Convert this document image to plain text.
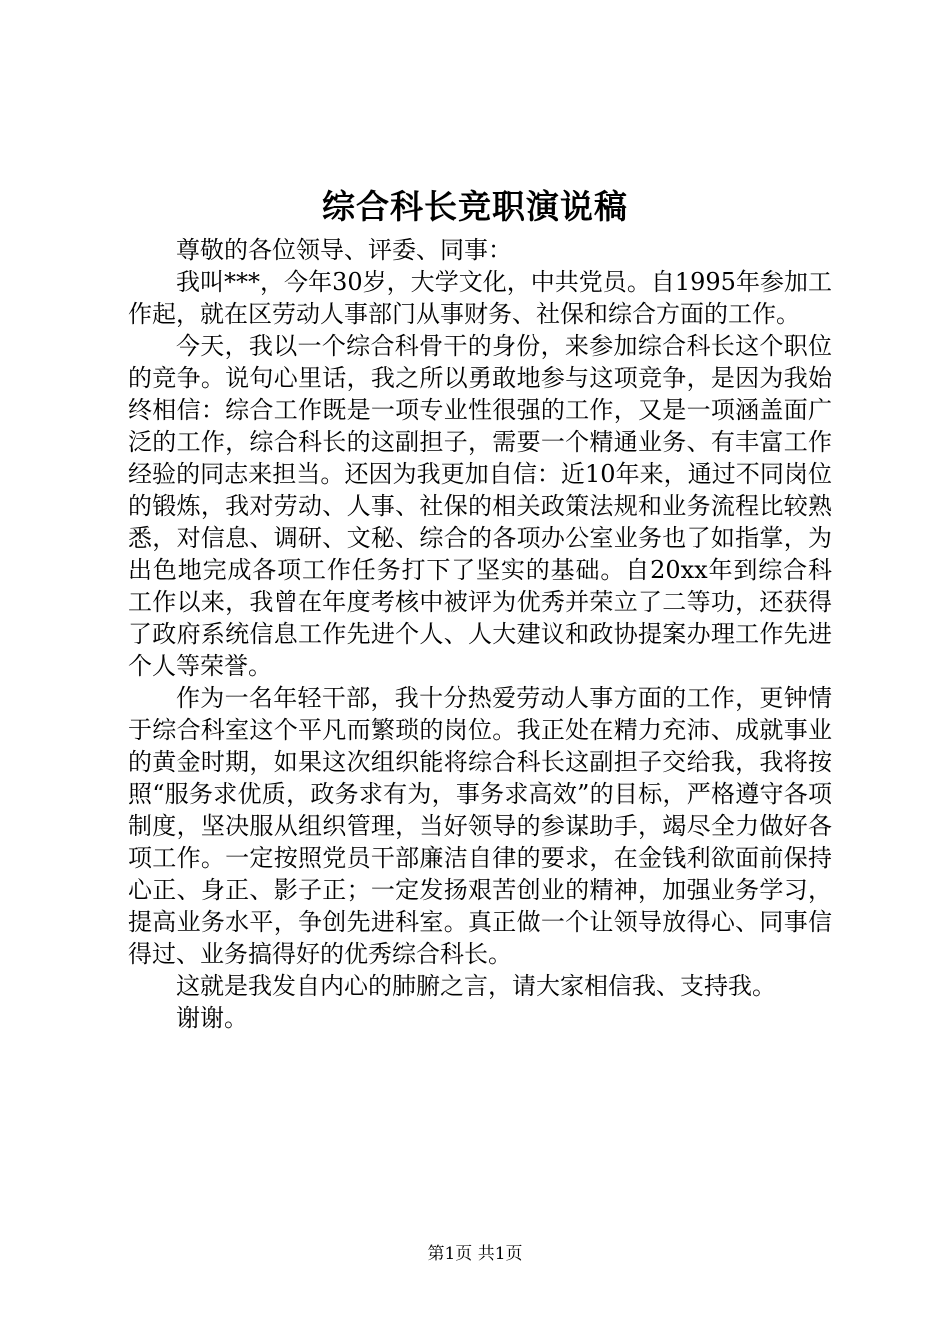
综合科长竞职演说稿

尊敬的各位领导、评委、同事：

我叫***，今年30岁，大学文化，中共党员。自1995年参加工作起，就在区劳动人事部门从事财务、社保和综合方面的工作。

今天，我以一个综合科骨干的身份，来参加综合科长这个职位的竞争。说句心里话，我之所以勇敢地参与这项竞争，是因为我始终相信：综合工作既是一项专业性很强的工作，又是一项涵盖面广泛的工作，综合科长的这副担子，需要一个精通业务、有丰富工作经验的同志来担当。还因为我更加自信：近10年来，通过不同岗位的锻炼，我对劳动、人事、社保的相关政策法规和业务流程比较熟悉，对信息、调研、文秘、综合的各项办公室业务也了如指掌，为出色地完成各项工作任务打下了坚实的基础。自20xx年到综合科工作以来，我曾在年度考核中被评为优秀并荣立了二等功，还获得了政府系统信息工作先进个人、人大建议和政协提案办理工作先进个人等荣誉。

作为一名年轻干部，我十分热爱劳动人事方面的工作，更钟情于综合科室这个平凡而繁琐的岗位。我正处在精力充沛、成就事业的黄金时期，如果这次组织能将综合科长这副担子交给我，我将按照“服务求优质，政务求有为，事务求高效”的目标，严格遵守各项制度，坚决服从组织管理，当好领导的参谋助手，竭尽全力做好各项工作。一定按照党员干部廉洁自律的要求，在金钱利欲面前保持心正、身正、影子正；一定发扬艰苦创业的精神，加强业务学习，提高业务水平，争创先进科室。真正做一个让领导放得心、同事信得过、业务搞得好的优秀综合科长。

这就是我发自内心的肺腑之言，请大家相信我、支持我。

谢谢。

第1页 共1页
